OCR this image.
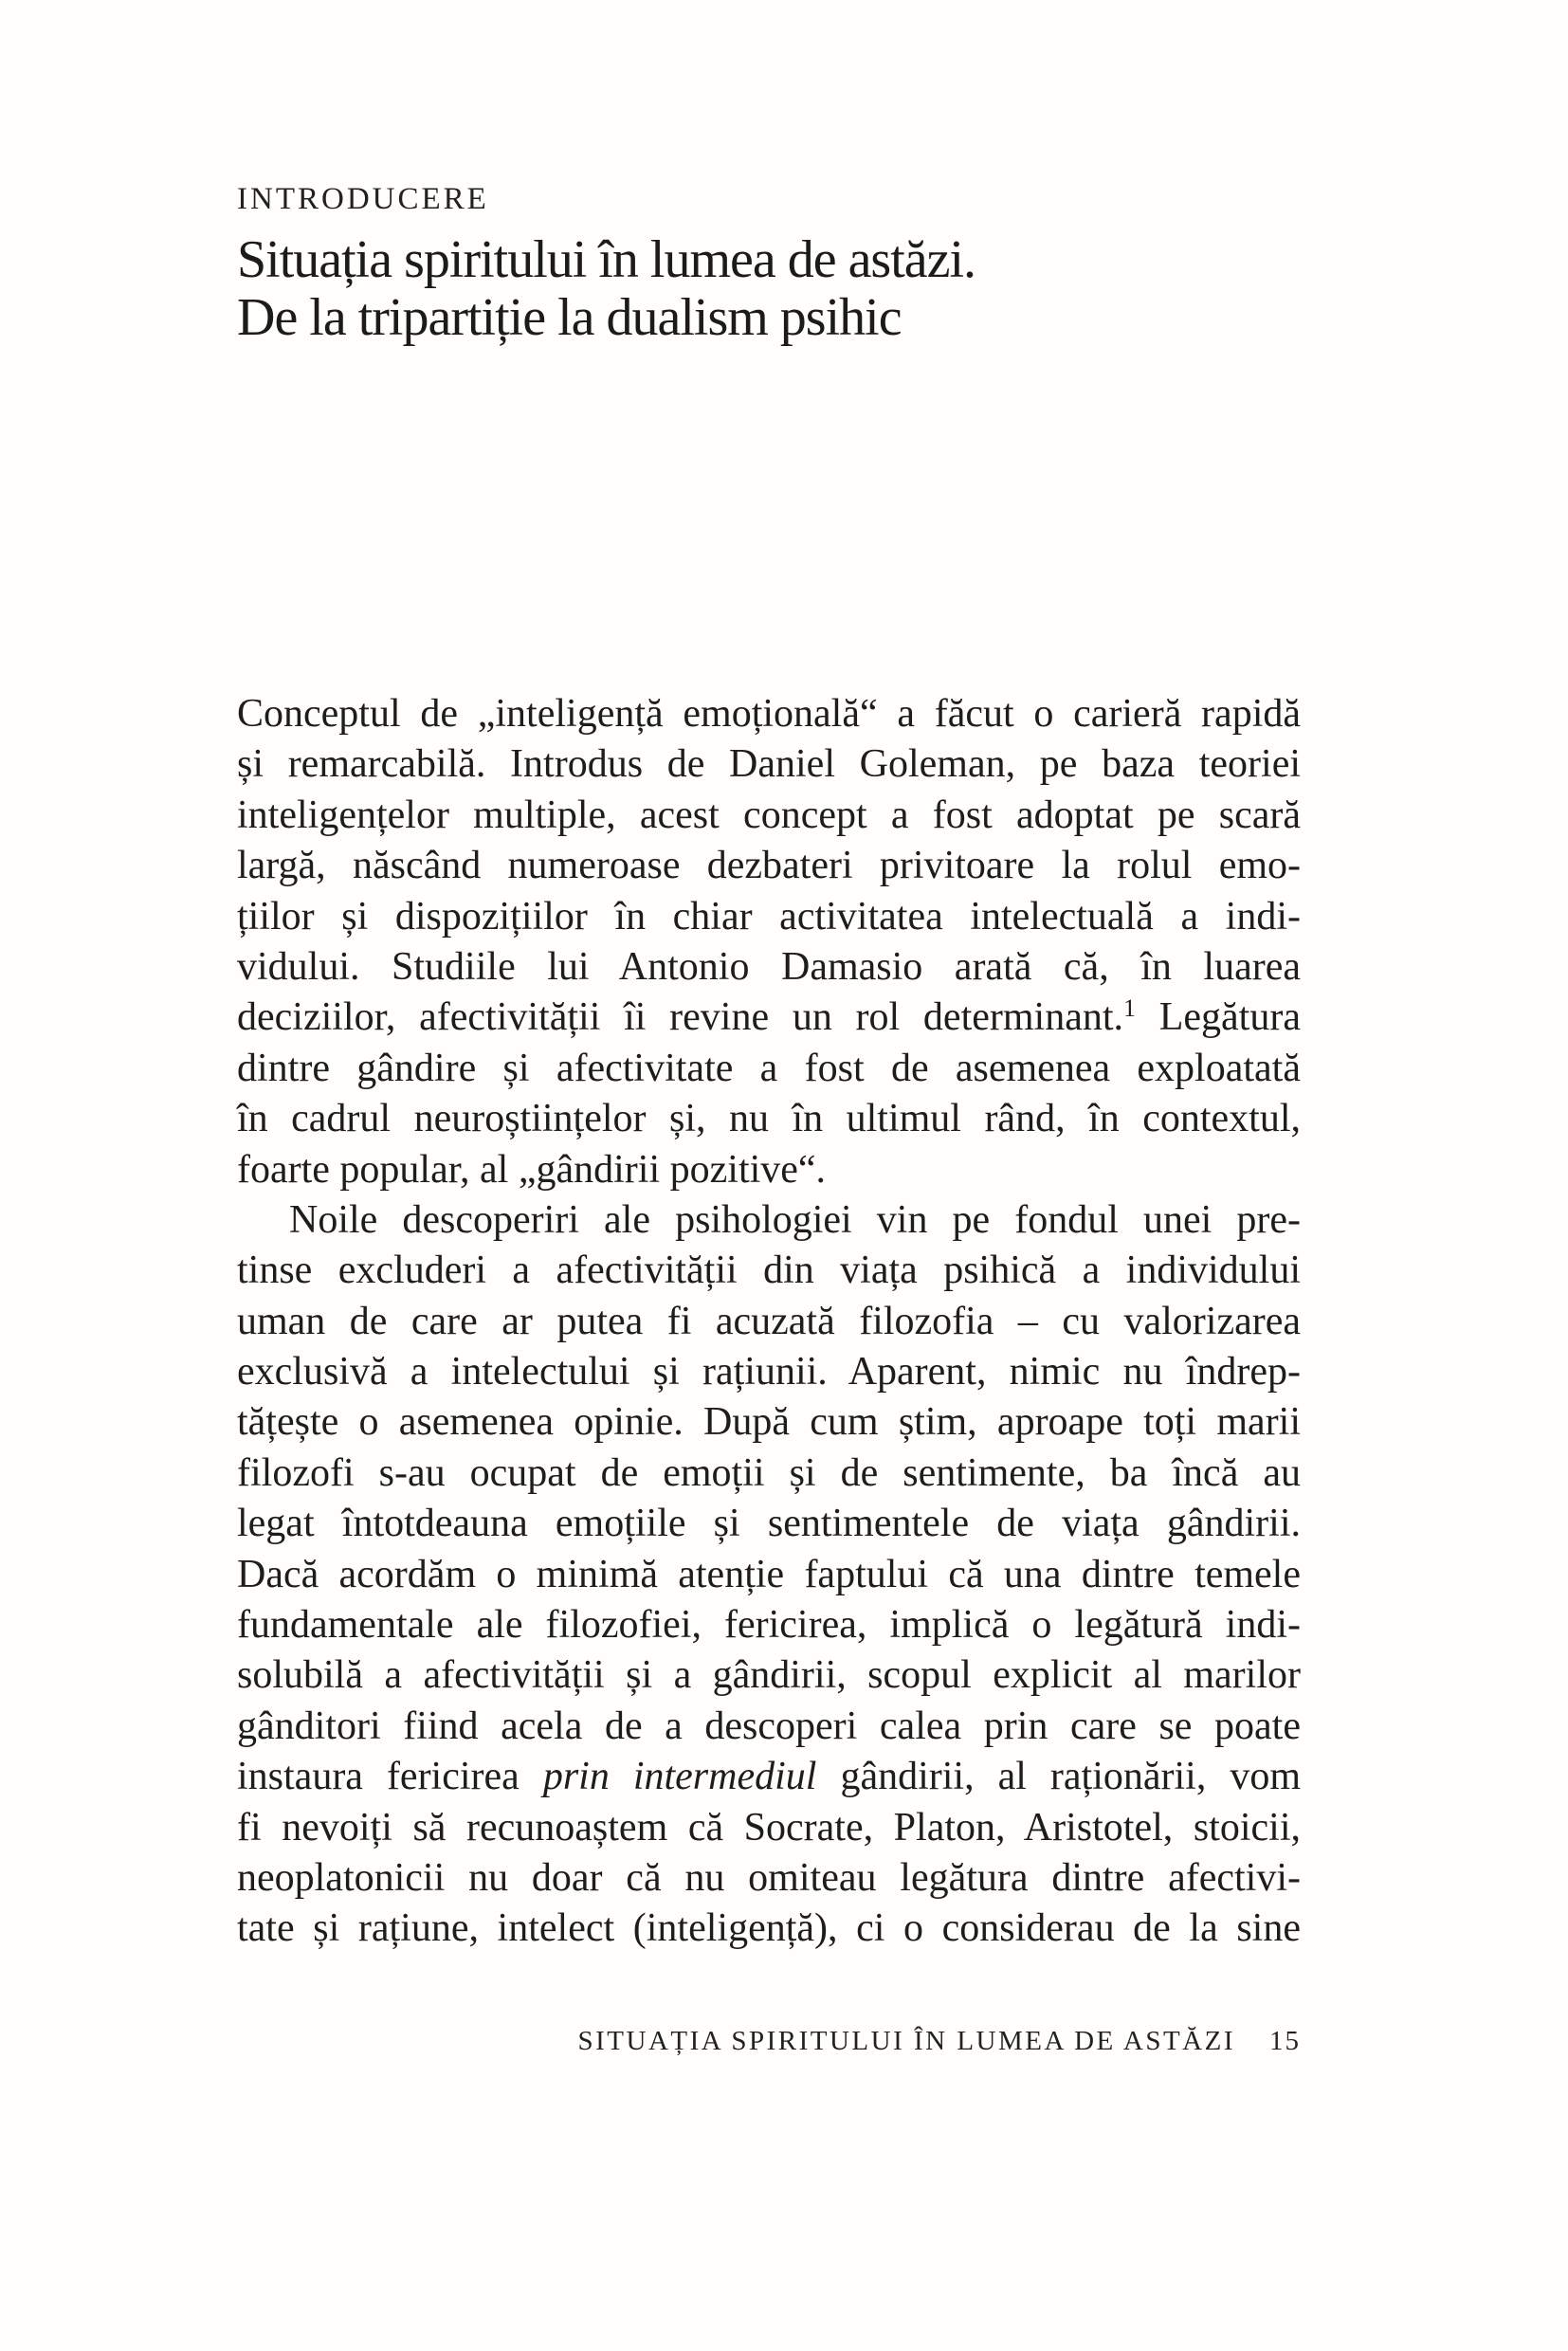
INTRODUCERE
Situația spiritului în lumea de astăzi.
De la tripartiție la dualism psihic
Conceptul de „inteligență emoțională“ a făcut o carieră rapidă
și remarcabilă. Introdus de Daniel Goleman, pe baza teoriei
inteligențelor multiple, acest concept a fost adoptat pe scară
largă, născând numeroase dezbateri privitoare la rolul emo-
țiilor și dispozițiilor în chiar activitatea intelectuală a indi-
vidului. Studiile lui Antonio Damasio arată că, în luarea
deciziilor, afectivității îi revine un rol determinant.$^1$ Legătura
dintre gândire și afectivitate a fost de asemenea exploatată
în cadrul neuroștiințelor și, nu în ultimul rând, în contextul,
foarte popular, al „gândirii pozitive“.
Noile descoperiri ale psihologiei vin pe fondul unei pre-
tinse excluderi a afectivității din viața psihică a individului
uman de care ar putea fi acuzată filozofia – cu valorizarea
exclusivă a intelectului și rațiunii. Aparent, nimic nu îndrep-
tățește o asemenea opinie. După cum știm, aproape toți marii
filozofi s-au ocupat de emoții și de sentimente, ba încă au
legat întotdeauna emoțiile și sentimentele de viața gândirii.
Dacă acordăm o minimă atenție faptului că una dintre temele
fundamentale ale filozofiei, fericirea, implică o legătură indi-
solubilă a afectivității și a gândirii, scopul explicit al marilor
gânditori fiind acela de a descoperi calea prin care se poate
instaura fericirea prin intermediul gândirii, al raționării, vom
fi nevoiți să recunoaștem că Socrate, Platon, Aristotel, stoicii,
neoplatonicii nu doar că nu omiteau legătura dintre afectivi-
tate și rațiune, intelect (inteligență), ci o considerau de la sine
SITUAȚIA SPIRITULUI ÎN LUMEA DE ASTĂZI 15
